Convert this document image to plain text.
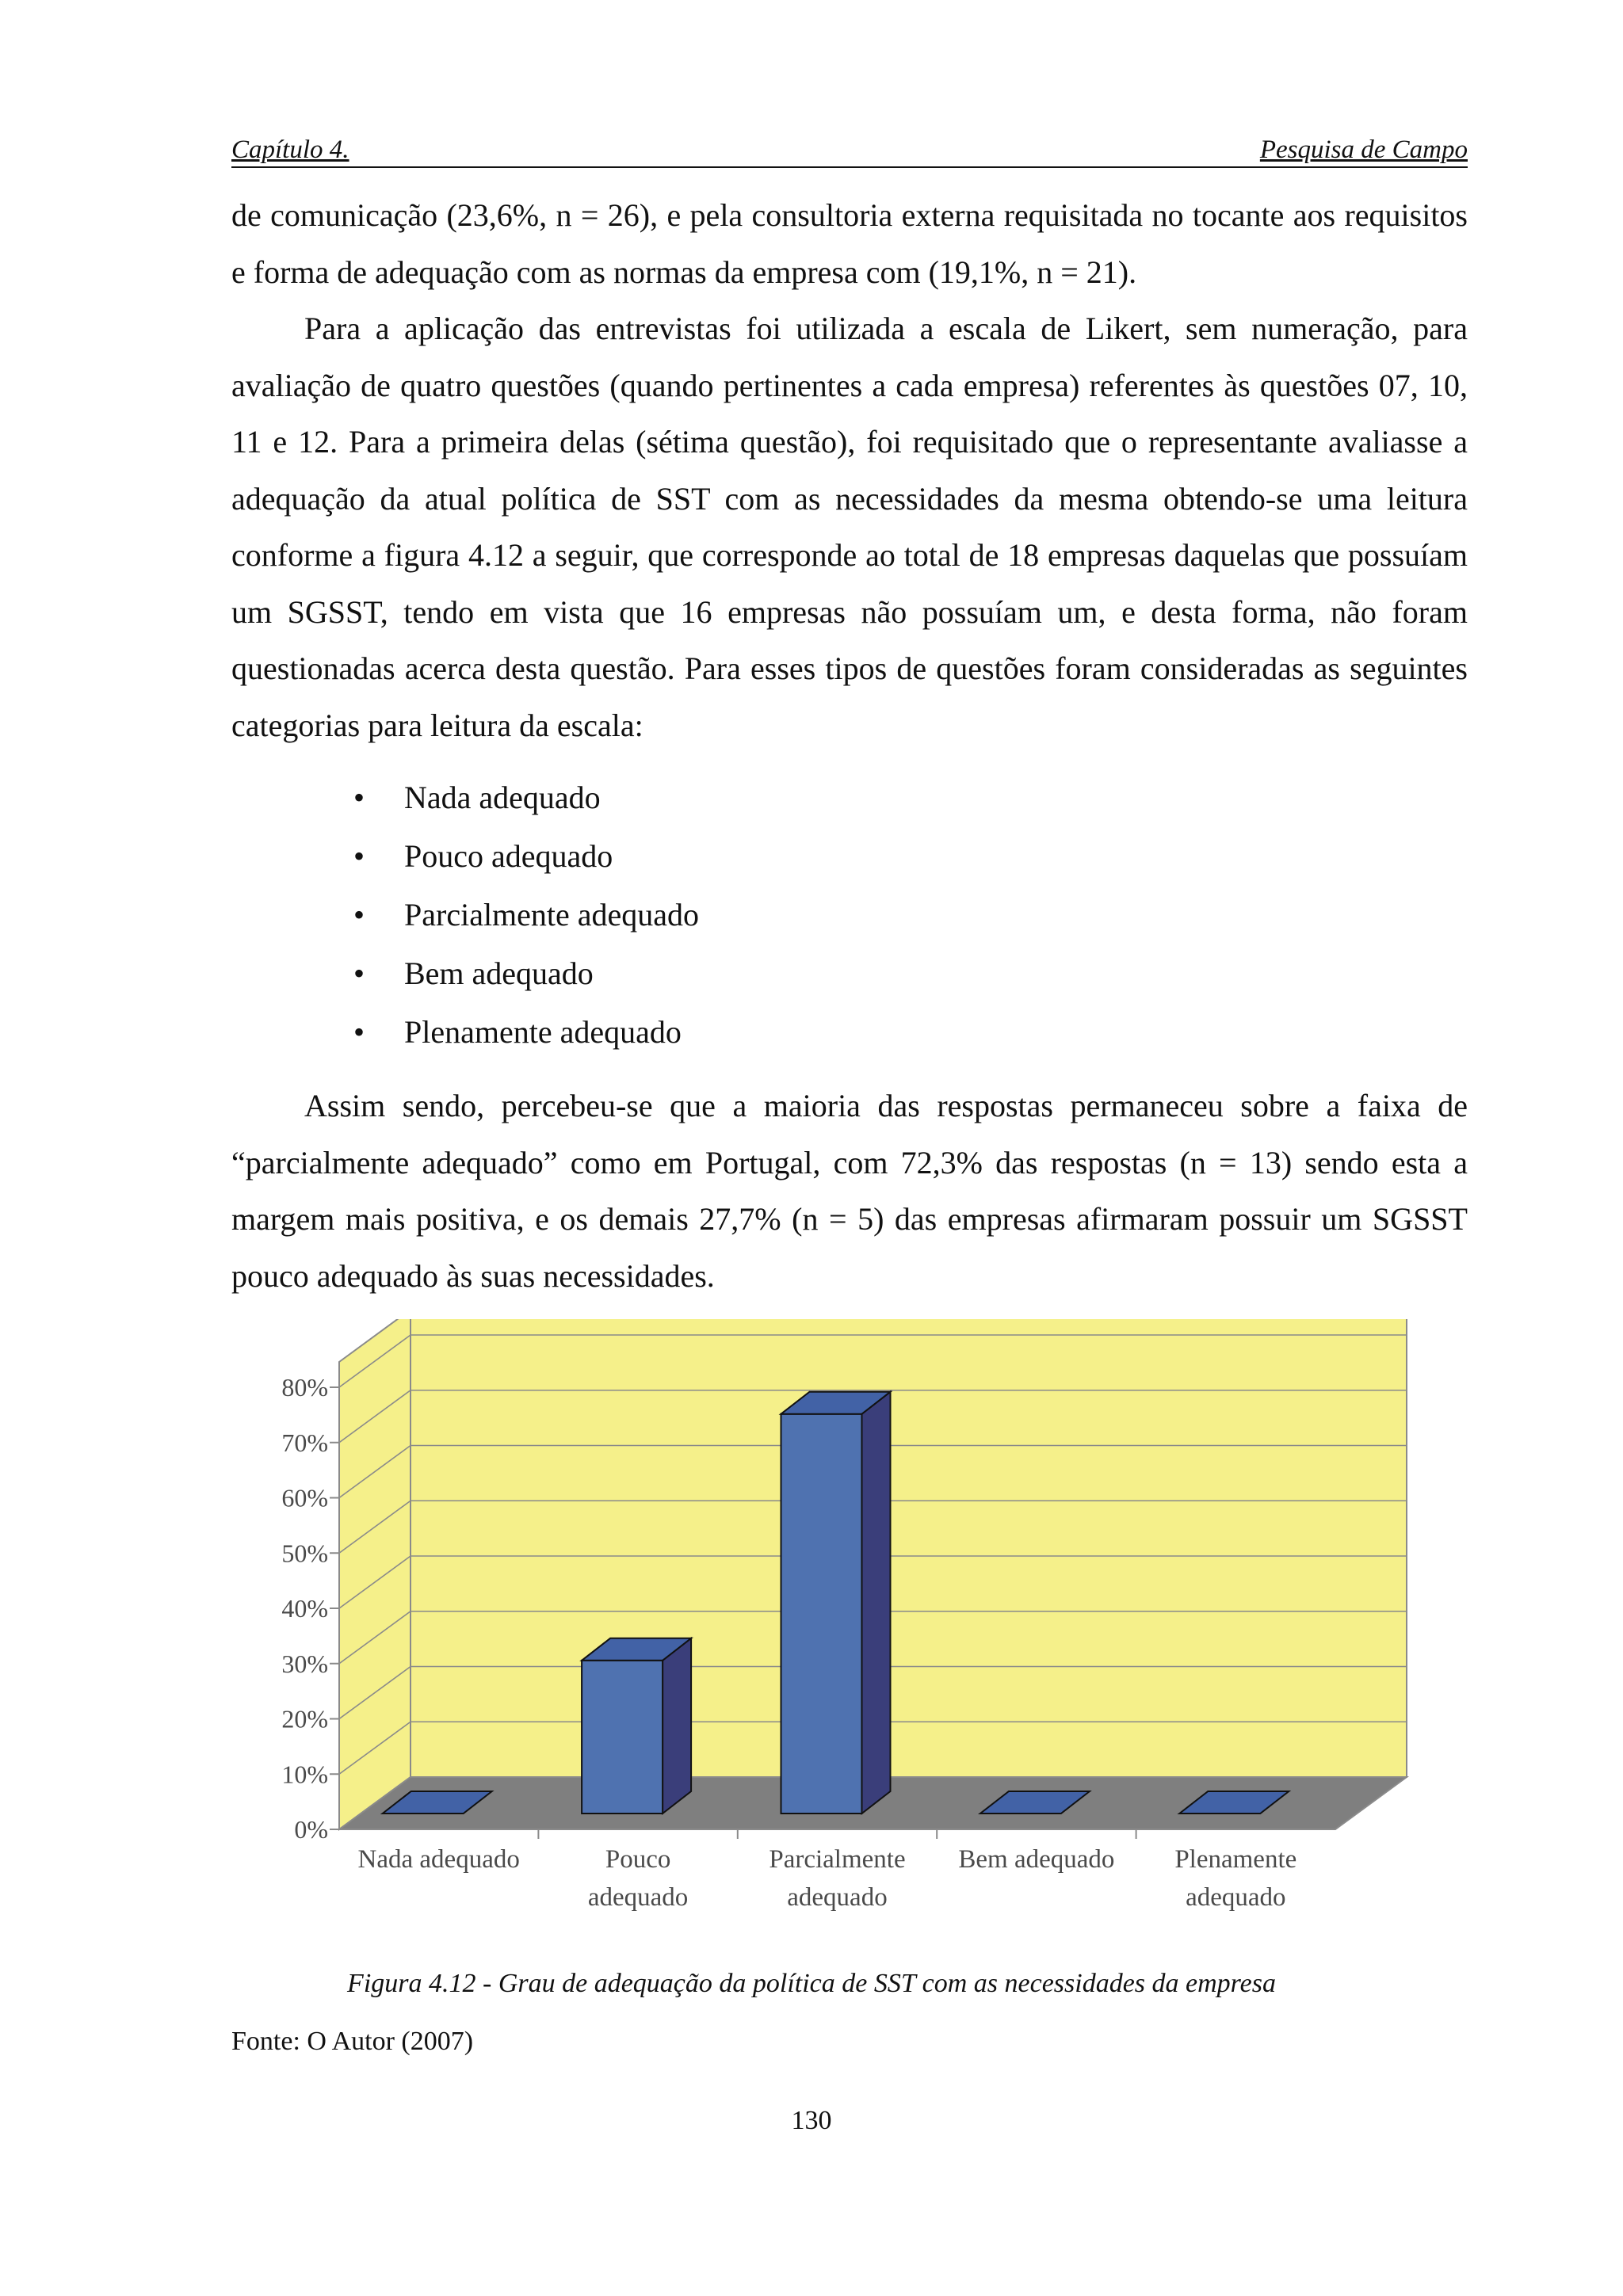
Capítulo 4.	Pesquisa de Campo

de comunicação (23,6%, n = 26), e pela consultoria externa requisitada no tocante aos requisitos e forma de adequação com as normas da empresa com (19,1%, n = 21).

Para a aplicação das entrevistas foi utilizada a escala de Likert, sem numeração, para avaliação de quatro questões (quando pertinentes a cada empresa) referentes às questões 07, 10, 11 e 12. Para a primeira delas (sétima questão), foi requisitado que o representante avaliasse a adequação da atual política de SST com as necessidades da mesma obtendo-se uma leitura conforme a figura 4.12 a seguir, que corresponde ao total de 18 empresas daquelas que possuíam um SGSST, tendo em vista que 16 empresas não possuíam um, e desta forma, não foram questionadas acerca desta questão. Para esses tipos de questões foram consideradas as seguintes categorias para leitura da escala:

• Nada adequado
• Pouco adequado
• Parcialmente adequado
• Bem adequado
• Plenamente adequado
Assim sendo, percebeu-se que a maioria das respostas permaneceu sobre a faixa de “parcialmente adequado” como em Portugal, com 72,3% das respostas (n = 13) sendo esta a margem mais positiva, e os demais 27,7% (n = 5) das empresas afirmaram possuir um SGSST pouco adequado às suas necessidades.
0%
10%
20%
30%
40%
50%
60%
70%
80%
Nada adequado	Pouco
adequado
Parcialmente
adequado
Bem adequado Plenamente
adequado
Figura 4.12 - Grau de adequação da política de SST com as necessidades da empresa
Fonte: O Autor (2007)
130
